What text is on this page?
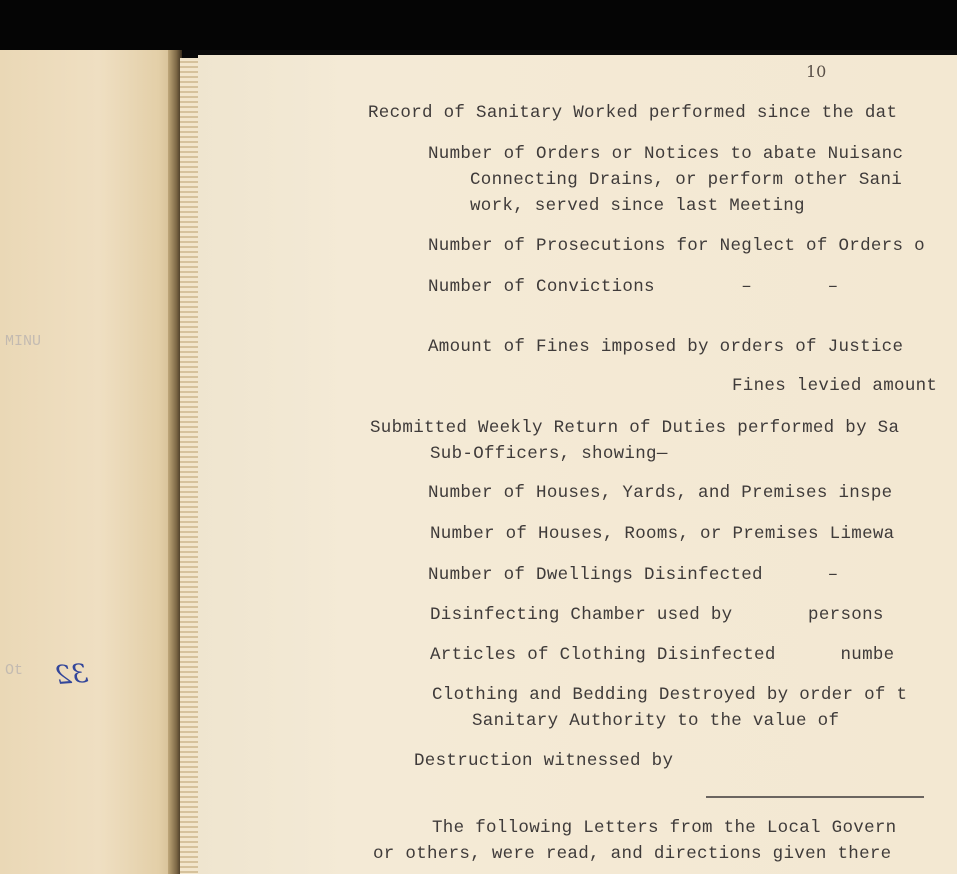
MINU
Ot 32
10
Record of Sanitary Worked performed since the dat
Number of Orders or Notices to abate Nuisanc
Connecting Drains, or perform other Sani
work, served since last Meeting
Number of Prosecutions for Neglect of Orders o
Number of Convictions        –       –
Amount of Fines imposed by orders of Justice
Fines levied amount
Submitted Weekly Return of Duties performed by Sa
Sub-Officers, showing—
Number of Houses, Yards, and Premises inspe
Number of Houses, Rooms, or Premises Limewa
Number of Dwellings Disinfected      –
Disinfecting Chamber used by       persons
Articles of Clothing Disinfected      numbe
Clothing and Bedding Destroyed by order of t
Sanitary Authority to the value of
Destruction witnessed by
The following Letters from the Local Govern
or others, were read, and directions given there
